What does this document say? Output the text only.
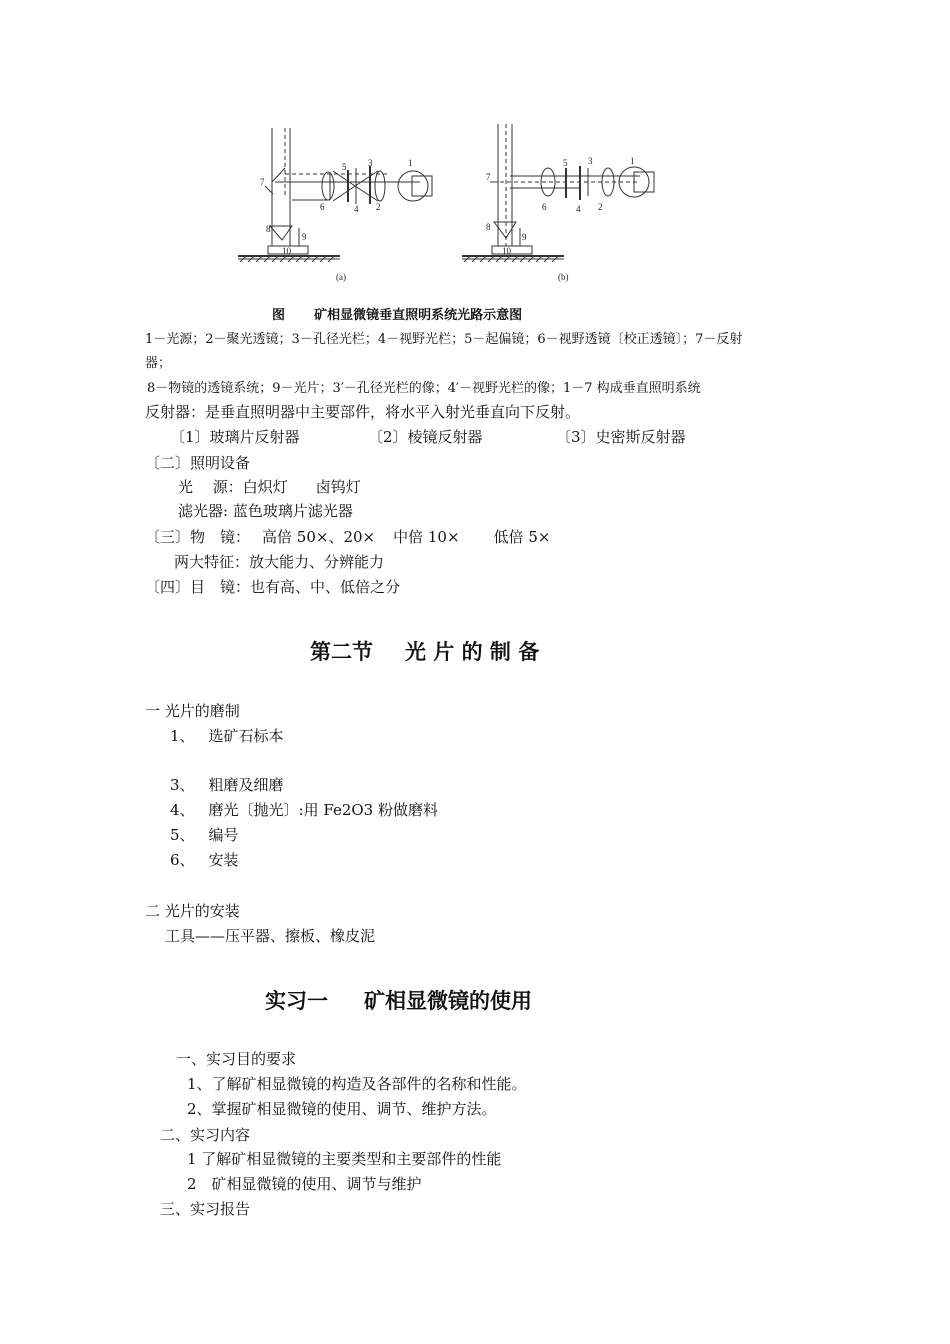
7
8
9
10
6
5
4
3
2
1
(a)
7
8
9
10
6
5
4
3
2
1
(b)
图 矿相显微镜垂直照明系统光路示意图
1－光源；2－聚光透镜；3－孔径光栏；4－视野光栏；5－起偏镜；6－视野透镜〔校正透镜〕；7－反射
器；
8－物镜的透镜系统；9－光片；3′－孔径光栏的像；4′－视野光栏的像；1－7 构成垂直照明系统
反射器：是垂直照明器中主要部件，将水平入射光垂直向下反射。
〔1〕玻璃片反射器	〔2〕棱镜反射器	〔3〕史密斯反射器
〔二〕照明设备
光　 源：白炽灯 卤钨灯
滤光器: 蓝色玻璃片滤光器
〔三〕物　镜： 高倍 50×、20× 中倍 10× 低倍 5×
两大特征：放大能力、分辨能力
〔四〕目　镜：也有高、中、低倍之分
第二节 光 片 的 制 备
一 光片的磨制
1、 选矿石标本
3、 粗磨及细磨
4、 磨光〔抛光〕:用 Fe2O3 粉做磨料
5、 编号
6、 安装
二 光片的安装
工具——压平器、擦板、橡皮泥
实习一 矿相显微镜的使用
一、实习目的要求
1、了解矿相显微镜的构造及各部件的名称和性能。
2、掌握矿相显微镜的使用、调节、维护方法。
二、实习内容
1 了解矿相显微镜的主要类型和主要部件的性能
2　矿相显微镜的使用、调节与维护
三、实习报告
